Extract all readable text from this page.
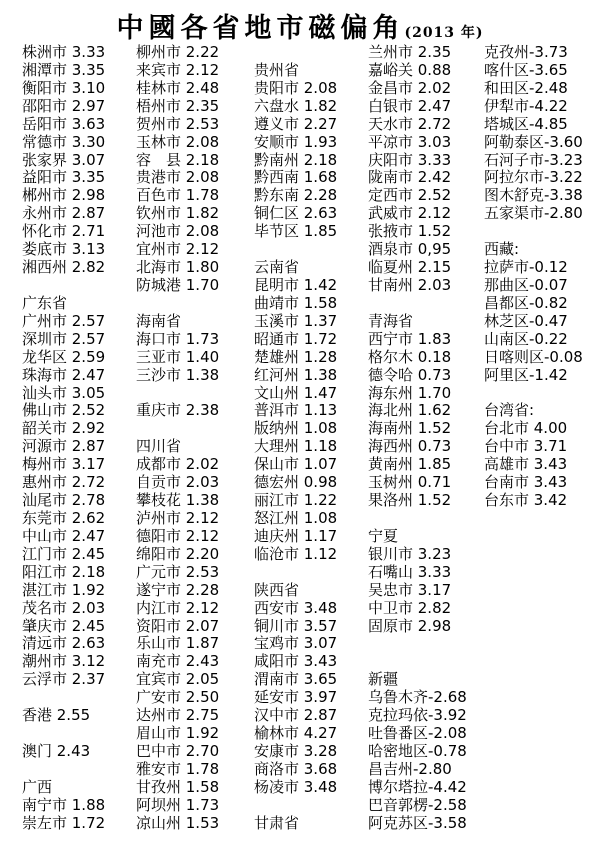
中國各省地市磁偏角(2013 年)
株洲市 3.33
湘潭市 3.35
衡阳市 3.10
邵阳市 2.97
岳阳市 3.63
常德市 3.30
张家界 3.07
益阳市 3.35
郴州市 2.98
永州市 2.87
怀化市 2.71
娄底市 3.13
湘西州 2.82

广东省
广州市 2.57
深圳市 2.57
龙华区 2.59
珠海市 2.47
汕头市 3.05
佛山市 2.52
韶关市 2.92
河源市 2.87
梅州市 3.17
惠州市 2.72
汕尾市 2.78
东莞市 2.62
中山市 2.47
江门市 2.45
阳江市 2.18
湛江市 1.92
茂名市 2.03
肇庆市 2.45
清远市 2.63
潮州市 3.12
云浮市 2.37

香港 2.55

澳门 2.43

广西
南宁市 1.88
崇左市 1.72
柳州市 2.22
来宾市 2.12
桂林市 2.48
梧州市 2.35
贺州市 2.53
玉林市 2.08
容　县 2.18
贵港市 2.08
百色市 1.78
钦州市 1.82
河池市 2.08
宜州市 2.12
北海市 1.80
防城港 1.70

海南省
海口市 1.73
三亚市 1.40
三沙市 1.38

重庆市 2.38

四川省
成都市 2.02
自贡市 2.03
攀枝花 1.38
泸州市 2.12
德阳市 2.12
绵阳市 2.20
广元市 2.53
遂宁市 2.28
内江市 2.12
资阳市 2.07
乐山市 1.87
南充市 2.43
宜宾市 2.05
广安市 2.50
达州市 2.75
眉山市 1.92
巴中市 2.70
雅安市 1.78
甘孜州 1.58
阿坝州 1.73
凉山州 1.53

贵州省
贵阳市 2.08
六盘水 1.82
遵义市 2.27
安顺市 1.93
黔南州 2.18
黔西南 1.68
黔东南 2.28
铜仁区 2.63
毕节区 1.85

云南省
昆明市 1.42
曲靖市 1.58
玉溪市 1.37
昭通市 1.72
楚雄州 1.28
红河州 1.38
文山州 1.47
普洱市 1.13
版纳州 1.08
大理州 1.18
保山市 1.07
德宏州 0.98
丽江市 1.22
怒江州 1.08
迪庆州 1.17
临沧市 1.12

陕西省
西安市 3.48
铜川市 3.57
宝鸡市 3.07
咸阳市 3.43
渭南市 3.65
延安市 3.97
汉中市 2.87
榆林市 4.27
安康市 3.28
商洛市 3.68
杨凌市 3.48

甘肃省
兰州市 2.35
嘉峪关 0.88
金昌市 2.02
白银市 2.47
天水市 2.72
平凉市 3.03
庆阳市 3.33
陇南市 2.42
定西市 2.52
武威市 2.12
张掖市 1.52
酒泉市 0,95
临夏州 2.15
甘南州 2.03

青海省
西宁市 1.83
格尔木 0.18
德令哈 0.73
海东州 1.70
海北州 1.62
海南州 1.52
海西州 0.73
黄南州 1.85
玉树州 0.71
果洛州 1.52

宁夏
银川市 3.23
石嘴山 3.33
吴忠市 3.17
中卫市 2.82
固原市 2.98

新疆
乌鲁木齐-2.68
克拉玛依-3.92
吐鲁番区-2.08
哈密地区-0.78
昌吉州-2.80
博尔塔拉-4.42
巴音郭楞-2.58
阿克苏区-3.58
克孜州-3.73
喀什区-3.65
和田区-2.48
伊犁市-4.22
塔城区-4.85
阿勒泰区-3.60
石河子市-3.23
阿拉尔市-3.22
图木舒克-3.38
五家渠市-2.80

西藏:
拉萨市-0.12
那曲区-0.07
昌都区-0.82
林芝区-0.47
山南区-0.22
日喀则区-0.08
阿里区-1.42

台湾省:
台北市 4.00
台中市 3.71
高雄市 3.43
台南市 3.43
台东市 3.42
